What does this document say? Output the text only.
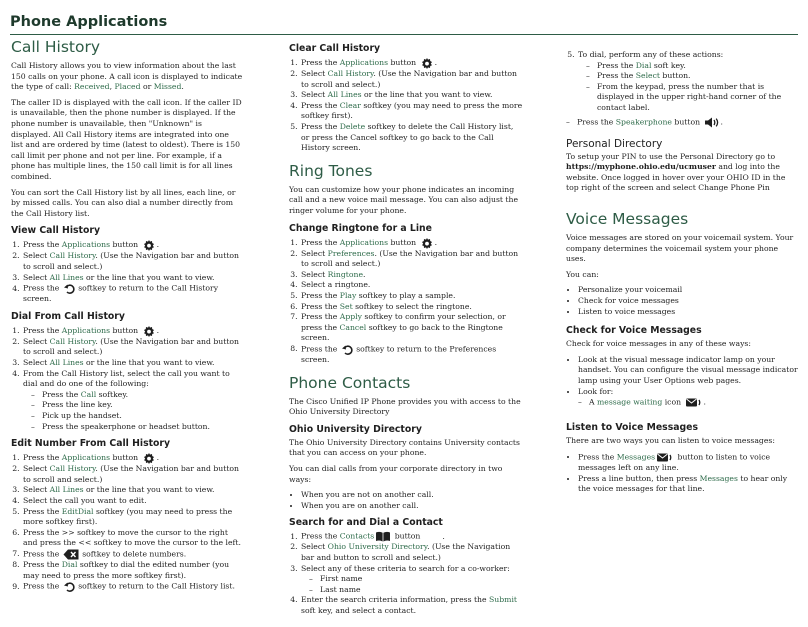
Phone Applications
Call History

Call History allows you to view information about the last 150 calls on your phone. A call icon is displayed to indicate the type of call: Received, Placed or Missed.

The caller ID is displayed with the call icon. If the caller ID is unavailable, then the phone number is displayed. If the phone number is unavailable, then "Unknown" is displayed. All Call History items are integrated into one list and are ordered by time (latest to oldest). There is 150 call limit per phone and not per line. For example, if a phone has multiple lines, the 150 call limit is for all lines combined.

You can sort the Call History list by all lines, each line, or by missed calls. You can also dial a number directly from the Call History list.

View Call History
1. Press the Applications button .
2. Select Call History. (Use the Navigation bar and button to scroll and select.)
3. Select All Lines or the line that you want to view.
4. Press the  softkey to return to the Call History screen.
Dial From Call History
1. Press the Applications button .
2. Select Call History. (Use the Navigation bar and button to scroll and select.)
3. Select All Lines or the line that you want to view.
4. From the Call History list, select the call you want to dial and do one of the following:
– Press the Call softkey.
– Press the line key.
– Pick up the handset.
– Press the speakerphone or headset button.
Edit Number From Call History
1. Press the Applications button .
2. Select Call History. (Use the Navigation bar and button to scroll and select.)
3. Select All Lines or the line that you want to view.
4. Select the call you want to edit.
5. Press the EditDial softkey (you may need to press the more softkey first).
6. Press the >> softkey to move the cursor to the right and press the << softkey to move the cursor to the left.
7. Press the  softkey to delete numbers.
8. Press the Dial softkey to dial the edited number (you may need to press the more softkey first).
9. Press the  softkey to return to the Call History list.
Clear Call History
1. Press the Applications button .
2. Select Call History. (Use the Navigation bar and button to scroll and select.)
3. Select All Lines or the line that you want to view.
4. Press the Clear softkey (you may need to press the more softkey first).
5. Press the Delete softkey to delete the Call History list, or press the Cancel softkey to go back to the Call History screen.
Ring Tones

You can customize how your phone indicates an incoming call and a new voice mail message. You can also adjust the ringer volume for your phone.

Change Ringtone for a Line
1. Press the Applications button .
2. Select Preferences. (Use the Navigation bar and button to scroll and select.)
3. Select Ringtone.
4. Select a ringtone.
5. Press the Play softkey to play a sample.
6. Press the Set softkey to select the ringtone.
7. Press the Apply softkey to confirm your selection, or press the Cancel softkey to go back to the Ringtone screen.
8. Press the  softkey to return to the Preferences screen.
Phone Contacts

The Cisco Unified IP Phone provides you with access to the Ohio University Directory

Ohio University Directory

The Ohio University Directory contains University contacts that you can access on your phone.

You can dial calls from your corporate directory in two ways:

• When you are not on another call.
• When you are on another call.
Search for and Dial a Contact
1. Press the Contacts button	.
2. Select Ohio University Directory. (Use the Navigation bar and button to scroll and select.)
3. Select any of these criteria to search for a co-worker:
– First name
– Last name
4. Enter the search criteria information, press the Submit soft key, and select a contact.
5. To dial, perform any of these actions:
– Press the Dial soft key.
– Press the Select button.
– From the keypad, press the number that is displayed in the upper right-hand corner of the contact label.
– Press the Speakerphone button .
Personal Directory

To setup your PIN to use the Personal Directory go to https://myphone.ohio.edu/ucmuser and log into the website. Once logged in hover over your OHIO ID in the top right of the screen and select Change Phone Pin

Voice Messages

Voice messages are stored on your voicemail system. Your company determines the voicemail system your phone uses.

You can:

• Personalize your voicemail
• Check for voice messages
• Listen to voice messages
Check for Voice Messages

Check for voice messages in any of these ways:

• Look at the visual message indicator lamp on your handset. You can configure the visual message indicator lamp using your User Options web pages.
• Look for:
– A message waiting icon	.
Listen to Voice Messages

There are two ways you can listen to voice messages:

• Press the Messages	button to listen to voice messages left on any line.
• Press a line button, then press Messages to hear only the voice messages for that line.
